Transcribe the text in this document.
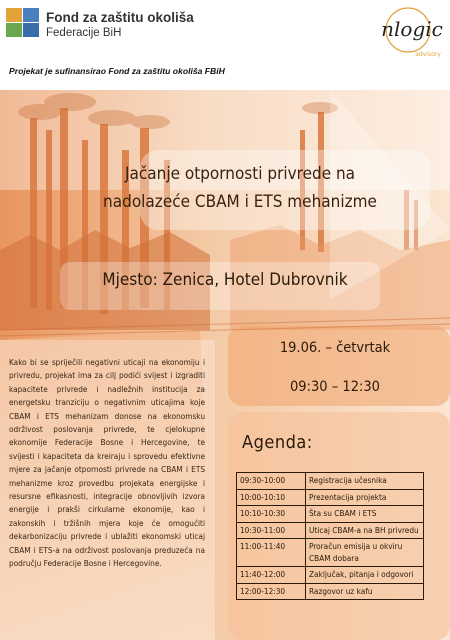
Fond za zaštitu okoliša
Federacije BiH	nlogic
advisory
Projekat je sufinansirao Fond za zaštitu okoliša FBiH
Jačanje otpornosti privrede na
nadolazeće CBAM i ETS mehanizme
Mjesto: Zenica, Hotel Dubrovnik
19.06. – četvrtak
09:30 – 12:30
Kako bi se spriječili negativni uticaji na ekonomiju i privredu, projekat ima za cilj podići svijest i izgraditi kapacitete privrede i nadležnih institucija za energetsku tranziciju o negativnim uticajima koje CBAM i ETS mehanizam donose na ekonomsku održivost poslovanja privrede, te cjelokupne ekonomije Federacije Bosne i Hercegovine, te svijesti i kapaciteta da kreiraju i sprovedu efektivne mjere za jačanje otpornosti privrede na CBAM i ETS mehanizme kroz provedbu projekata energijske i resursne efikasnosti, integracije obnovljivih izvora energije i prakši cirkularne ekonomije, kao i zakonskih i tržišnih mjera koje će omogućiti dekarbonizaciju privrede i ublažiti ekonomski uticaj CBAM i ETS-a na održivost poslovanja preduzeća na području Federacije Bosne i Hercegovine.
Agenda:
09:30-10:00	Registracija učesnika
10:00-10:10	Prezentacija projekta
10:10-10:30	Šta su CBAM i ETS
10:30-11:00	Uticaj CBAM-a na BH privredu
11:00-11:40	Proračun emisija u okviru CBAM dobara
11:40-12:00	Zaključak, pitanja i odgovori
12:00-12:30	Razgovor uz kafu
